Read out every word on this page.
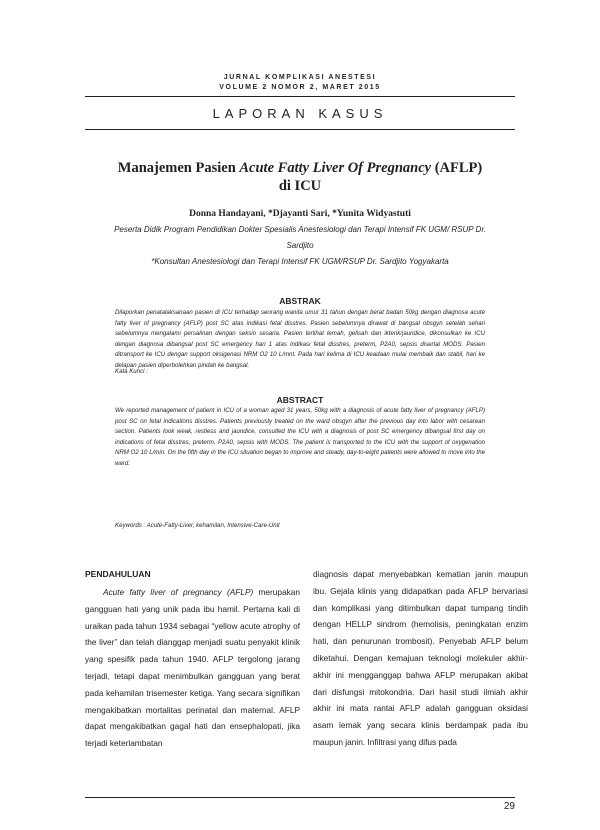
JURNAL KOMPLIKASI ANESTESI
VOLUME 2 NOMOR 2, MARET 2015
LAPORAN KASUS
Manajemen Pasien Acute Fatty Liver Of Pregnancy (AFLP)
di ICU
Donna Handayani, *Djayanti Sari, *Yunita Widyastuti
Peserta Didik Program Pendidikan Dokter Spesialis Anestesiologi dan Terapi Intensif FK UGM/ RSUP Dr. Sardjito
*Konsultan Anestesiologi dan Terapi Intensif FK UGM/RSUP Dr. Sardjito Yogyakarta
ABSTRAK
Dilaporkan penatalaksanaan pasien di ICU terhadap seorang wanita umur 31 tahun dengan berat badan 50kg dengan diagnosa acute fatty liver of pregnancy (AFLP) post SC atas indikasi fetal disstres. Pasien sebelumnya dirawat di bangsal obsgyn setelah sehari sebelumnya mengalami persalinan dengan seksio sesaria. Pasien terlihat lemah, gelisah dan ikterik/jaundice, dikonsulkan ke ICU dengan diagnosa dibangsal post SC emergency hari 1 atas indikasi fetal disstres, preterm, P2A0, sepsis disertai MODS. Pasien ditransport ke ICU dengan support oksigenasi NRM O2 10 L/mnt. Pada hari kelima di ICU keadaan mulai membaik dan stabil, hari ke delapan pasien diperbolehkan pindah ke bangsal.
Kata Kunci :
ABSTRACT
We reported management of patient in ICU of a woman aged 31 years, 50kg with a diagnosis of acute fatty liver of pregnancy (AFLP) post SC on fetal indications disstres. Patients previously treated on the ward obsgyn after the previous day into labor with cesarean section. Patients look weak, restless and jaundice, consulted the ICU with a diagnosis of post SC emergency dibangsal first day on indications of fetal disstres, preterm, P2A0, sepsis with MODS. The patient is transported to the ICU with the support of oxygenation NRM O2 10 L/min. On the fifth day in the ICU situation began to improve and steady, day-to-eight patients were allowed to move into the ward.
Keywords : Acute-Fatty-Liver, kehamilan, Intensive-Care-Unit
PENDAHULUAN
Acute fatty liver of pregnancy (AFLP) merupakan gangguan hati yang unik pada ibu hamil. Pertama kali di uraikan pada tahun 1934 sebagai “yellow acute atrophy of the liver” dan telah dianggap menjadi suatu penyakit klinik yang spesifik pada tahun 1940. AFLP tergolong jarang terjadi, tetapi dapat menimbulkan gangguan yang berat pada kehamilan trisemester ketiga. Yang secara signifikan mengakibatkan mortalitas perinatal dan maternal. AFLP dapat mengakibatkan gagal hati dan ensephalopati, jika terjadi keterlambatan
diagnosis dapat menyebabkan kematian janin maupun ibu. Gejala klinis yang didapatkan pada AFLP bervariasi dan komplikasi yang ditimbulkan dapat tumpang tindih dengan HELLP sindrom (hemolisis, peningkatan enzim hati, dan penurunan trombosit). Penyebab AFLP belum diketahui. Dengan kemajuan teknologi molekuler akhir-akhir ini mengganggap bahwa AFLP merupakan akibat dari disfungsi mitokondria. Dari hasil studi ilmiah akhir akhir ini mata rantai AFLP adalah gangguan oksidasi asam lemak yang secara klinis berdampak pada ibu maupun janin. Infiltrasi yang difus pada
29
